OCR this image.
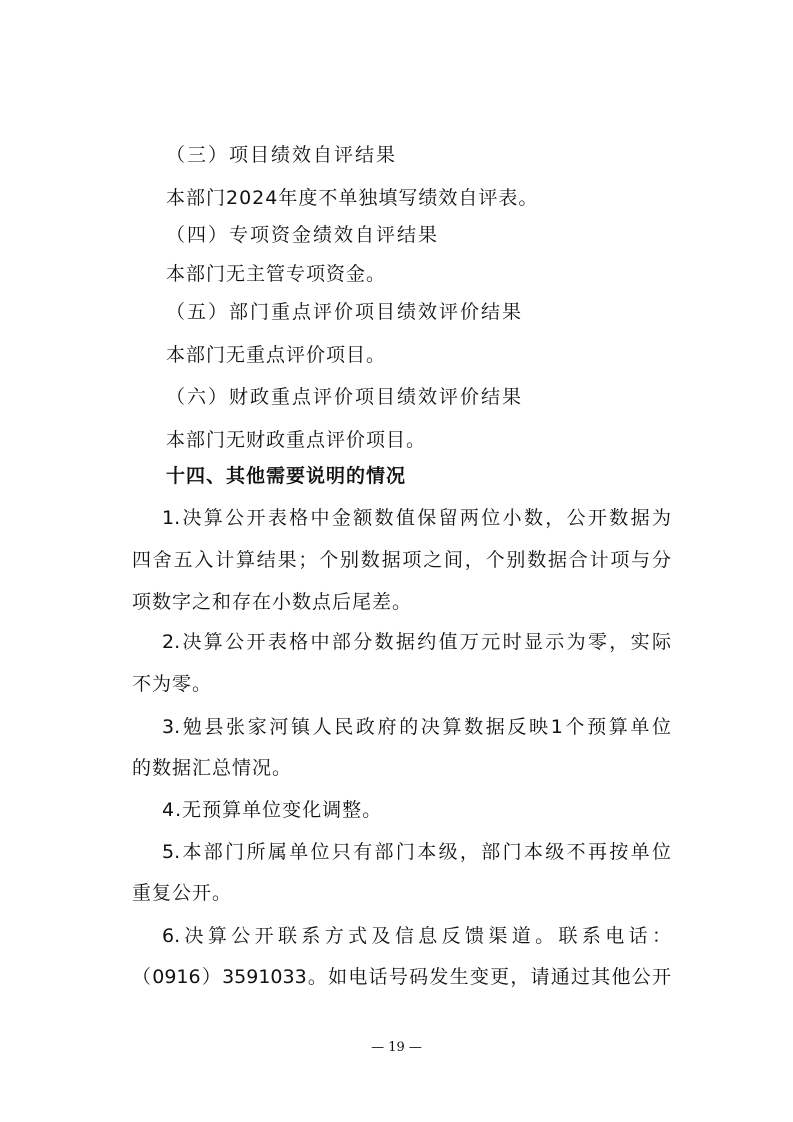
（三）项目绩效自评结果
本部门2024年度不单独填写绩效自评表。
（四）专项资金绩效自评结果
本部门无主管专项资金。
（五）部门重点评价项目绩效评价结果
本部门无重点评价项目。
（六）财政重点评价项目绩效评价结果
本部门无财政重点评价项目。
十四、其他需要说明的情况
1.决算公开表格中金额数值保留两位小数，公开数据为
四舍五入计算结果；个别数据项之间，个别数据合计项与分
项数字之和存在小数点后尾差。
2.决算公开表格中部分数据约值万元时显示为零，实际
不为零。
3.勉县张家河镇人民政府的决算数据反映1个预算单位
的数据汇总情况。
4.无预算单位变化调整。
5.本部门所属单位只有部门本级，部门本级不再按单位
重复公开。
6.决算公开联系方式及信息反馈渠道。联系电话：
（0916）3591033。如电话号码发生变更，请通过其他公开
— 19 —
